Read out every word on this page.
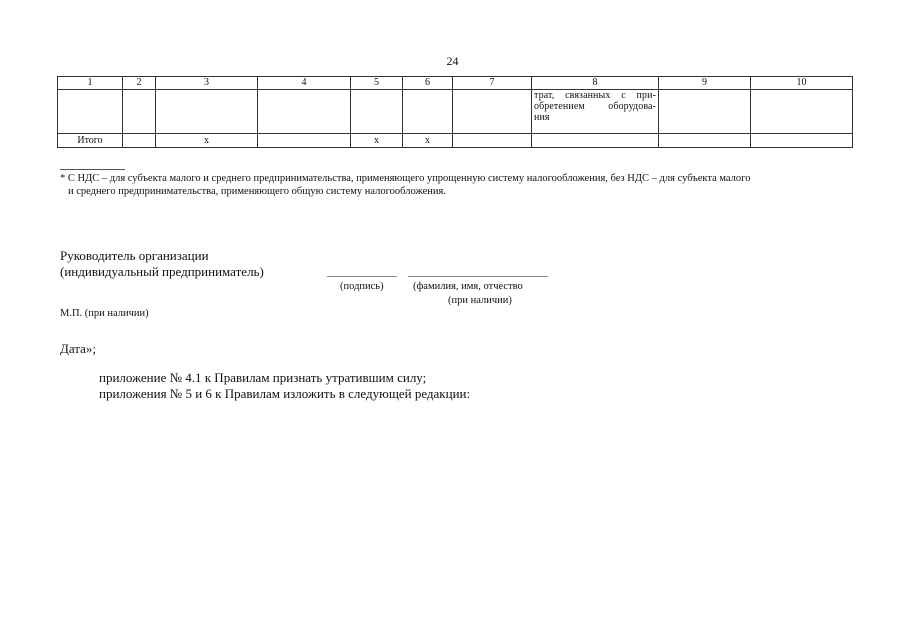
24
1	2	3	4	5	6	7	8	9	10

							трат, связанных с при-
обретением оборудова-
ния		

Итого		х		х	х				
* С НДС – для субъекта малого и среднего предпринимательства, применяющего упрощенную систему налогообложения, без НДС – для субъекта малого
и среднего предпринимательства, применяющего общую систему налогообложения.
Руководитель организации
(индивидуальный предприниматель)
(подпись)	(фамилия, имя, отчество
(при наличии)
М.П. (при наличии)
Дата»;
приложение № 4.1 к Правилам признать утратившим силу;
приложения № 5 и 6 к Правилам изложить в следующей редакции:
